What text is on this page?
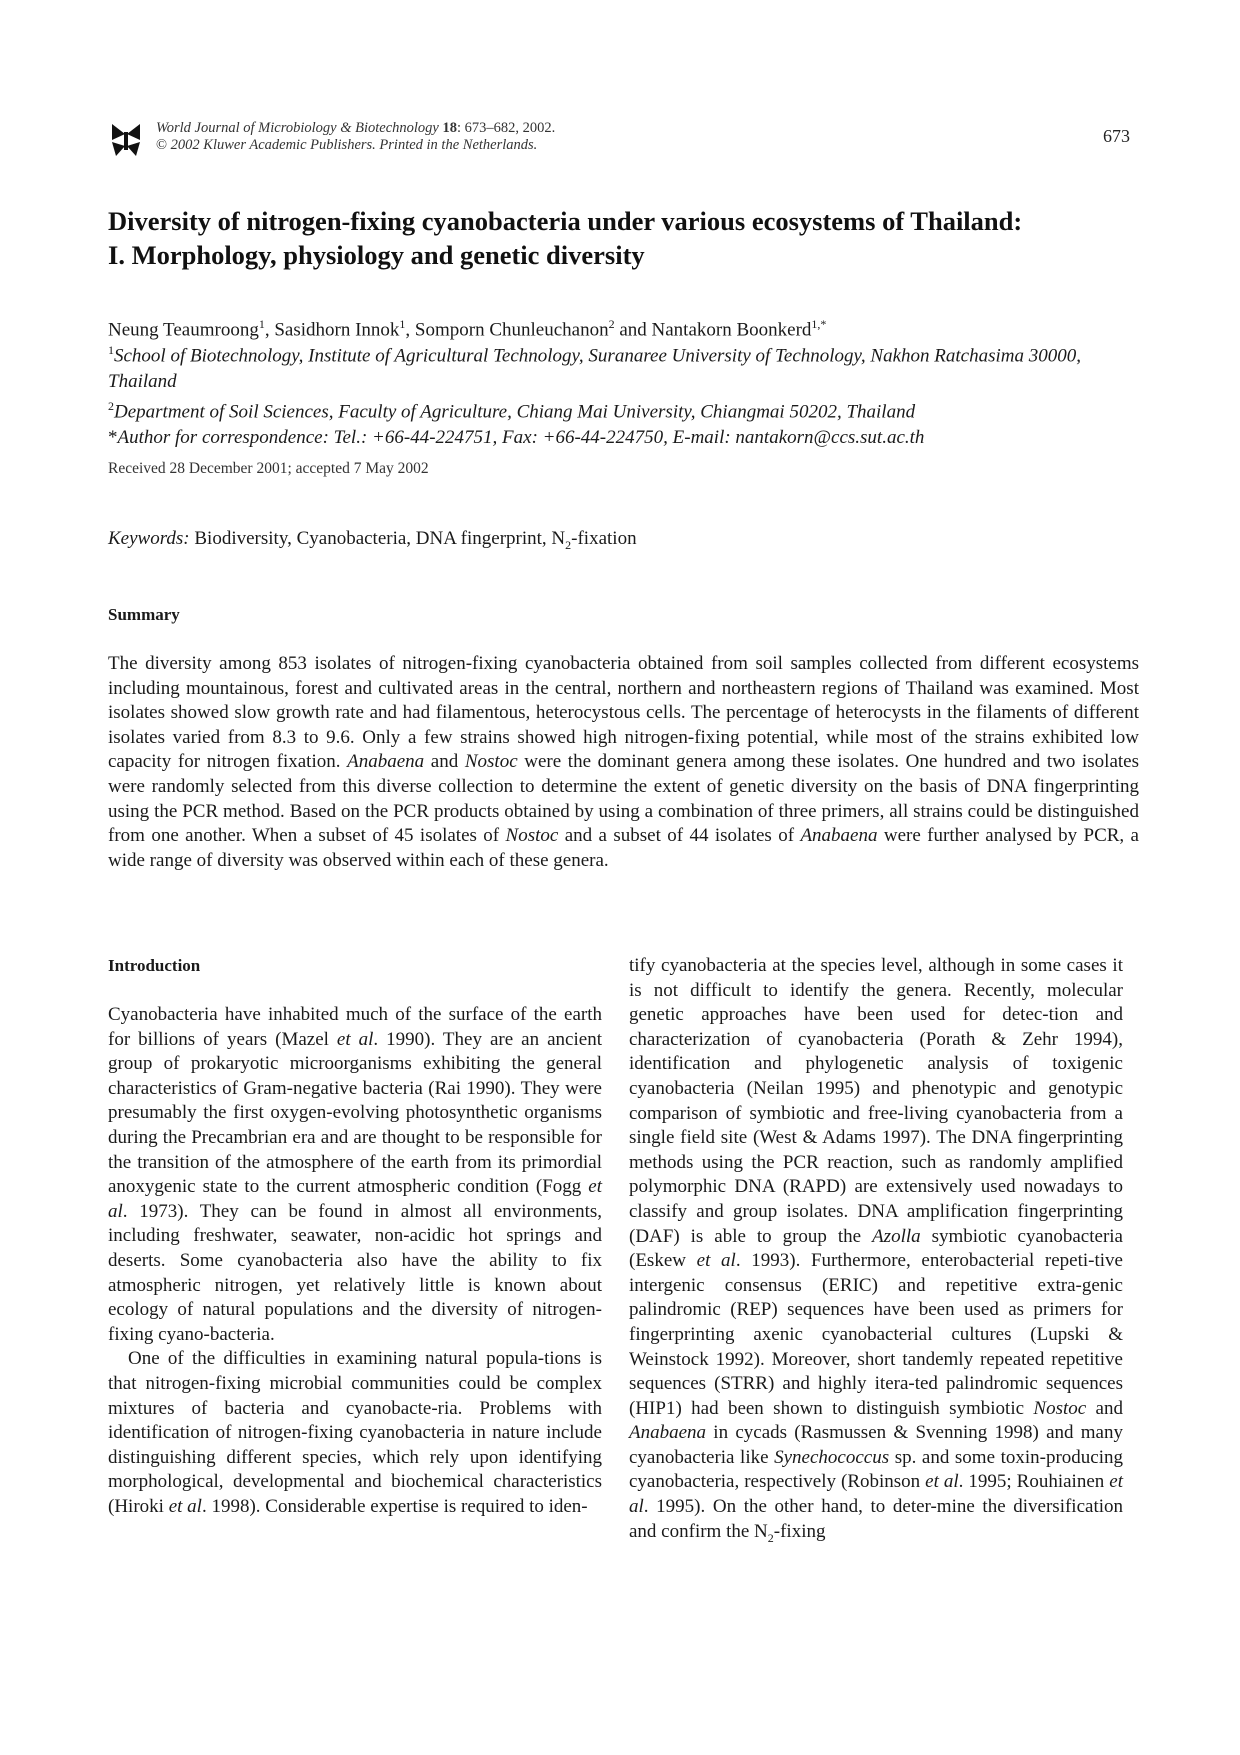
World Journal of Microbiology & Biotechnology 18: 673–682, 2002.
© 2002 Kluwer Academic Publishers. Printed in the Netherlands.	673
Diversity of nitrogen-fixing cyanobacteria under various ecosystems of Thailand:
I. Morphology, physiology and genetic diversity
Neung Teaumroong$^1$, Sasidhorn Innok$^1$, Somporn Chunleuchanon$^2$ and Nantakorn Boonkerd$^{1,*}$

$^1$School of Biotechnology, Institute of Agricultural Technology, Suranaree University of Technology, Nakhon Ratchasima 30000, Thailand

$^2$Department of Soil Sciences, Faculty of Agriculture, Chiang Mai University, Chiangmai 50202, Thailand

*Author for correspondence: Tel.: +66-44-224751, Fax: +66-44-224750, E-mail: nantakorn@ccs.sut.ac.th

Received 28 December 2001; accepted 7 May 2002
Keywords: Biodiversity, Cyanobacteria, DNA fingerprint, $N_2$-fixation
Summary

The diversity among 853 isolates of nitrogen-fixing cyanobacteria obtained from soil samples collected from different ecosystems including mountainous, forest and cultivated areas in the central, northern and northeastern regions of Thailand was examined. Most isolates showed slow growth rate and had filamentous, heterocystous cells. The percentage of heterocysts in the filaments of different isolates varied from 8.3 to 9.6. Only a few strains showed high nitrogen-fixing potential, while most of the strains exhibited low capacity for nitrogen fixation. Anabaena and Nostoc were the dominant genera among these isolates. One hundred and two isolates were randomly selected from this diverse collection to determine the extent of genetic diversity on the basis of DNA fingerprinting using the PCR method. Based on the PCR products obtained by using a combination of three primers, all strains could be distinguished from one another. When a subset of 45 isolates of Nostoc and a subset of 44 isolates of Anabaena were further analysed by PCR, a wide range of diversity was observed within each of these genera.

Introduction

Cyanobacteria have inhabited much of the surface of the earth for billions of years (Mazel et al. 1990). They are an ancient group of prokaryotic microorganisms exhibiting the general characteristics of Gram-negative bacteria (Rai 1990). They were presumably the first oxygen-evolving photosynthetic organisms during the Precambrian era and are thought to be responsible for the transition of the atmosphere of the earth from its primordial anoxygenic state to the current atmospheric condition (Fogg et al. 1973). They can be found in almost all environments, including freshwater, seawater, non-acidic hot springs and deserts. Some cyanobacteria also have the ability to fix atmospheric nitrogen, yet relatively little is known about ecology of natural populations and the diversity of nitrogen-fixing cyano-bacteria.

One of the difficulties in examining natural popula-tions is that nitrogen-fixing microbial communities could be complex mixtures of bacteria and cyanobacte-ria. Problems with identification of nitrogen-fixing cyanobacteria in nature include distinguishing different species, which rely upon identifying morphological, developmental and biochemical characteristics (Hiroki et al. 1998). Considerable expertise is required to iden-

tify cyanobacteria at the species level, although in some cases it is not difficult to identify the genera. Recently, molecular genetic approaches have been used for detec-tion and characterization of cyanobacteria (Porath & Zehr 1994), identification and phylogenetic analysis of toxigenic cyanobacteria (Neilan 1995) and phenotypic and genotypic comparison of symbiotic and free-living cyanobacteria from a single field site (West & Adams 1997). The DNA fingerprinting methods using the PCR reaction, such as randomly amplified polymorphic DNA (RAPD) are extensively used nowadays to classify and group isolates. DNA amplification fingerprinting (DAF) is able to group the Azolla symbiotic cyanobacteria (Eskew et al. 1993). Furthermore, enterobacterial repeti-tive intergenic consensus (ERIC) and repetitive extra-genic palindromic (REP) sequences have been used as primers for fingerprinting axenic cyanobacterial cultures (Lupski & Weinstock 1992). Moreover, short tandemly repeated repetitive sequences (STRR) and highly itera-ted palindromic sequences (HIP1) had been shown to distinguish symbiotic Nostoc and Anabaena in cycads (Rasmussen & Svenning 1998) and many cyanobacteria like Synechococcus sp. and some toxin-producing cyanobacteria, respectively (Robinson et al. 1995; Rouhiainen et al. 1995). On the other hand, to deter-mine the diversification and confirm the $N_2$-fixing
